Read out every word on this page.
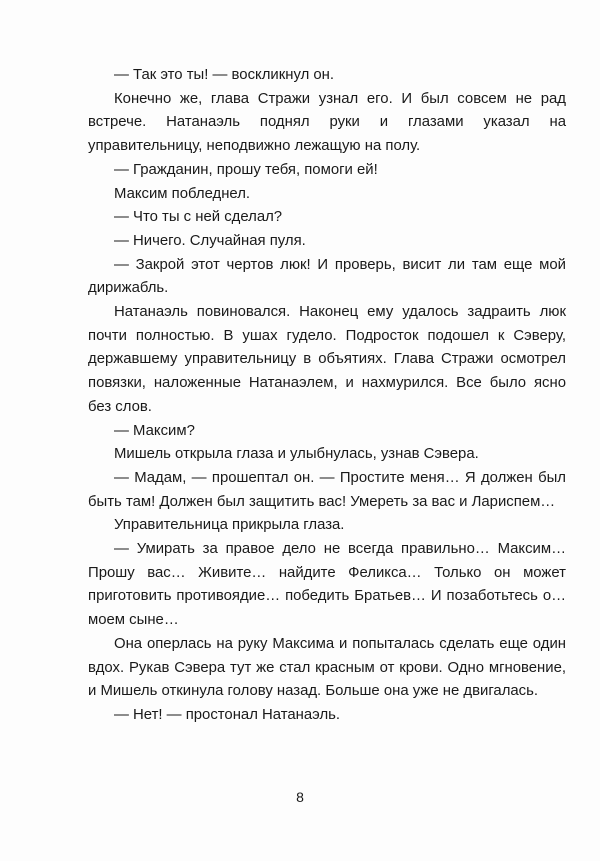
— Так это ты! — воскликнул он.

Конечно же, глава Стражи узнал его. И был совсем не рад встрече. Натанаэль поднял руки и глазами указал на управительницу, неподвижно лежащую на полу.

— Гражданин, прошу тебя, помоги ей!

Максим побледнел.

— Что ты с ней сделал?

— Ничего. Случайная пуля.

— Закрой этот чертов люк! И проверь, висит ли там еще мой дирижабль.

Натанаэль повиновался. Наконец ему удалось задраить люк почти полностью. В ушах гудело. Подросток подошел к Сэверу, державшему управительницу в объятиях. Глава Стражи осмотрел повязки, наложенные Натанаэлем, и нахмурился. Все было ясно без слов.

— Максим?

Мишель открыла глаза и улыбнулась, узнав Сэвера.

— Мадам, — прошептал он. — Простите меня… Я должен был быть там! Должен был защитить вас! Умереть за вас и Лариспем…

Управительница прикрыла глаза.

— Умирать за правое дело не всегда правильно… Максим… Прошу вас… Живите… найдите Феликса… Только он может приготовить противоядие… победить Братьев… И позаботьтесь о… моем сыне…

Она оперлась на руку Максима и попыталась сделать еще один вдох. Рукав Сэвера тут же стал красным от крови. Одно мгновение, и Мишель откинула голову назад. Больше она уже не двигалась.

— Нет! — простонал Натанаэль.

8
